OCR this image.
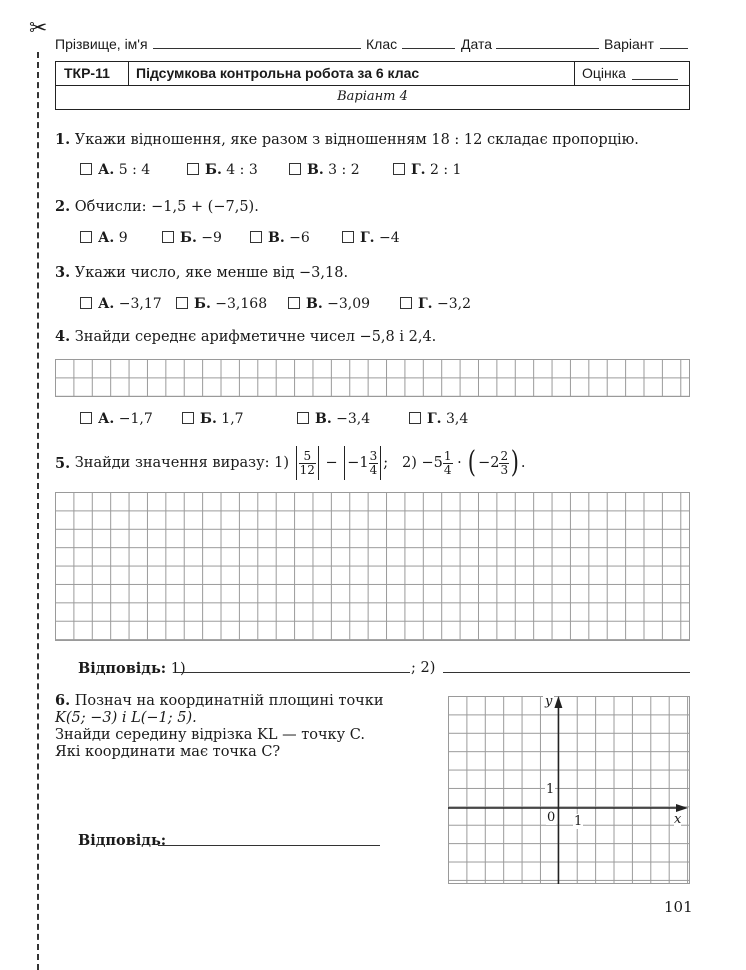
✂
Прізвище, ім'я	Клас	Дата	Варіант
ТКР-11 Підсумкова контрольна робота за 6 клас	Оцінка
Варіант 4
1. Укажи відношення, яке разом з відношенням 18 : 12 складає пропорцію.
А. 5 : 4	Б. 4 : 3	В. 3 : 2	Г. 2 : 1
2. Обчисли: −1,5 + (−7,5).
А. 9	Б. −9	В. −6	Г. −4
3. Укажи число, яке менше від −3,18.
А. −3,17	Б. −3,168	В. −3,09	Г. −3,2
4. Знайди середнє арифметичне чисел −5,8 і 2,4.
А. −1,7	Б. 1,7	В. −3,4	Г. 3,4
5.
Знайди значення виразу:
1)
$\frac{5}{12}$
−
$-1 \frac{3}{4}$ ;
2)
$-5 \frac{1}{4}$
·
( $-2 \frac{2}{3}$ ) .
Відповідь: 1)	; 2)
6. Познач на координатній площині точки
K(5; −3) і L(−1; 5).
Знайди середину відрізка KL — точку C.
Які координати має точка C?
Відповідь:
y
x
0
1
1
101
